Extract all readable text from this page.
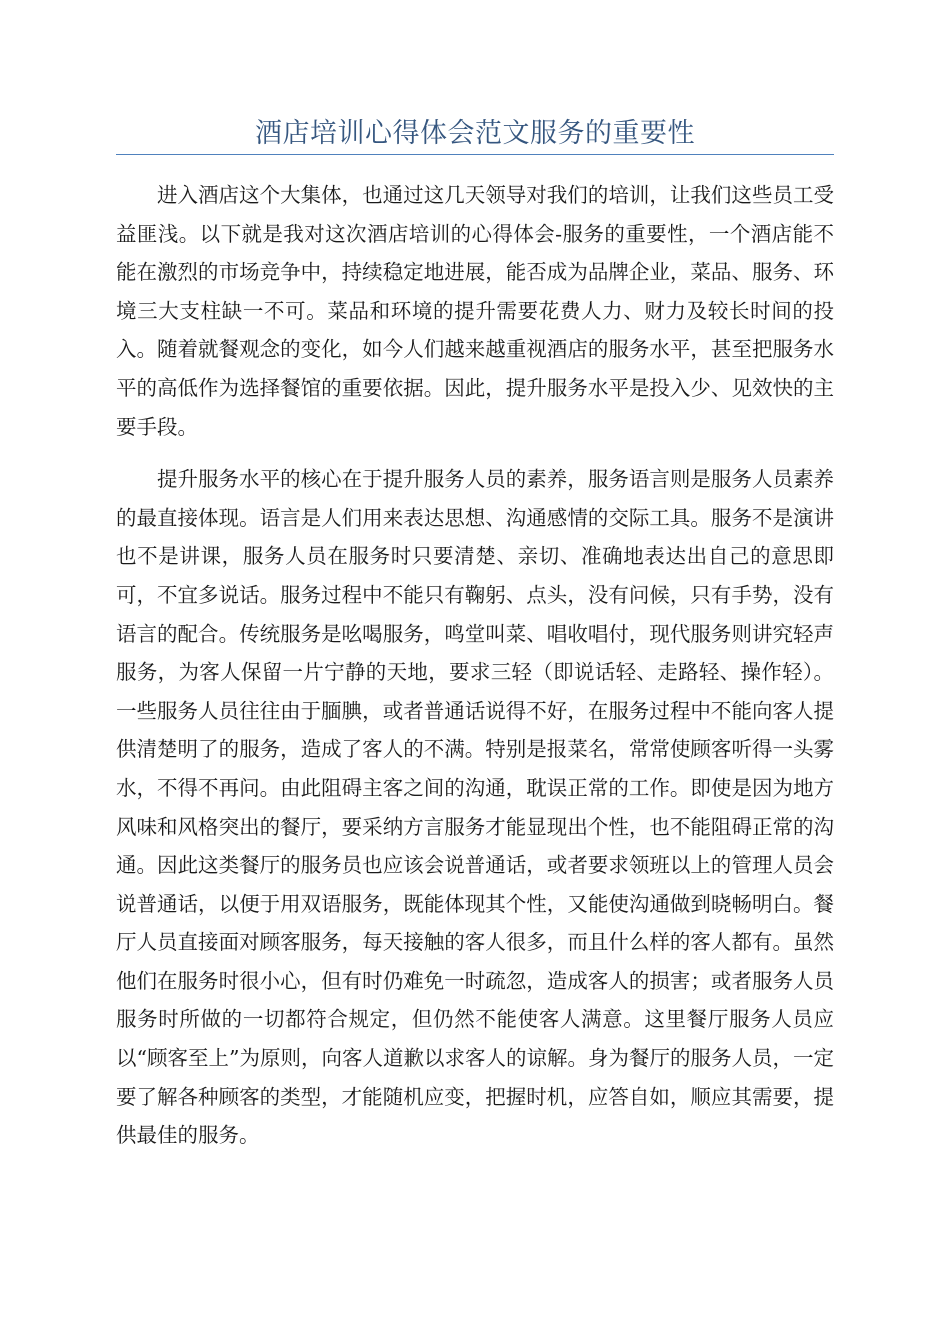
酒店培训心得体会范文服务的重要性

进入酒店这个大集体，也通过这几天领导对我们的培训，让我们这些员工受益匪浅。以下就是我对这次酒店培训的心得体会-服务的重要性，一个酒店能不能在激烈的市场竞争中，持续稳定地进展，能否成为品牌企业，菜品、服务、环境三大支柱缺一不可。菜品和环境的提升需要花费人力、财力及较长时间的投入。随着就餐观念的变化，如今人们越来越重视酒店的服务水平，甚至把服务水平的高低作为选择餐馆的重要依据。因此，提升服务水平是投入少、见效快的主要手段。

提升服务水平的核心在于提升服务人员的素养，服务语言则是服务人员素养的最直接体现。语言是人们用来表达思想、沟通感情的交际工具。服务不是演讲也不是讲课，服务人员在服务时只要清楚、亲切、准确地表达出自己的意思即可，不宜多说话。服务过程中不能只有鞠躬、点头，没有问候，只有手势，没有语言的配合。传统服务是吆喝服务，鸣堂叫菜、唱收唱付，现代服务则讲究轻声服务，为客人保留一片宁静的天地，要求三轻（即说话轻、走路轻、操作轻）。一些服务人员往往由于腼腆，或者普通话说得不好，在服务过程中不能向客人提供清楚明了的服务，造成了客人的不满。特别是报菜名，常常使顾客听得一头雾水，不得不再问。由此阻碍主客之间的沟通，耽误正常的工作。即使是因为地方风味和风格突出的餐厅，要采纳方言服务才能显现出个性，也不能阻碍正常的沟通。因此这类餐厅的服务员也应该会说普通话，或者要求领班以上的管理人员会说普通话，以便于用双语服务，既能体现其个性，又能使沟通做到晓畅明白。餐厅人员直接面对顾客服务，每天接触的客人很多，而且什么样的客人都有。虽然他们在服务时很小心，但有时仍难免一时疏忽，造成客人的损害；或者服务人员服务时所做的一切都符合规定，但仍然不能使客人满意。这里餐厅服务人员应以“顾客至上”为原则，向客人道歉以求客人的谅解。身为餐厅的服务人员，一定要了解各种顾客的类型，才能随机应变，把握时机，应答自如，顺应其需要，提供最佳的服务。
